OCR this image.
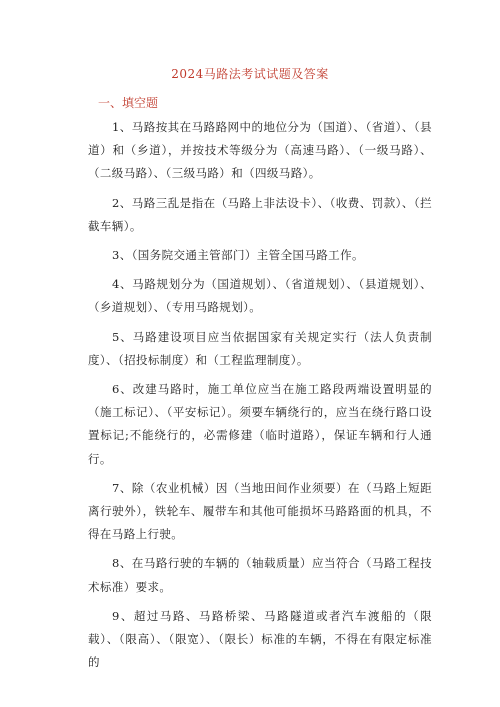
2024马路法考试试题及答案
一、填空题

1、马路按其在马路路网中的地位分为（国道）、（省道）、（县道）和（乡道），并按技术等级分为（高速马路）、（一级马路）、（二级马路）、（三级马路）和（四级马路）。

2、马路三乱是指在（马路上非法设卡）、（收费、罚款）、（拦截车辆）。

3、（国务院交通主管部门）主管全国马路工作。

4、马路规划分为（国道规划）、（省道规划）、（县道规划）、（乡道规划）、（专用马路规划）。

5、马路建设项目应当依据国家有关规定实行（法人负责制度）、（招投标制度）和（工程监理制度）。

6、改建马路时，施工单位应当在施工路段两端设置明显的（施工标记）、（平安标记）。须要车辆绕行的，应当在绕行路口设置标记;不能绕行的，必需修建（临时道路），保证车辆和行人通行。

7、除（农业机械）因（当地田间作业须要）在（马路上短距离行驶外），铁轮车、履带车和其他可能损坏马路路面的机具，不得在马路上行驶。

8、在马路行驶的车辆的（轴载质量）应当符合（马路工程技术标准）要求。

9、超过马路、马路桥梁、马路隧道或者汽车渡船的（限载）、（限高）、（限宽）、（限长）标准的车辆，不得在有限定标准的
